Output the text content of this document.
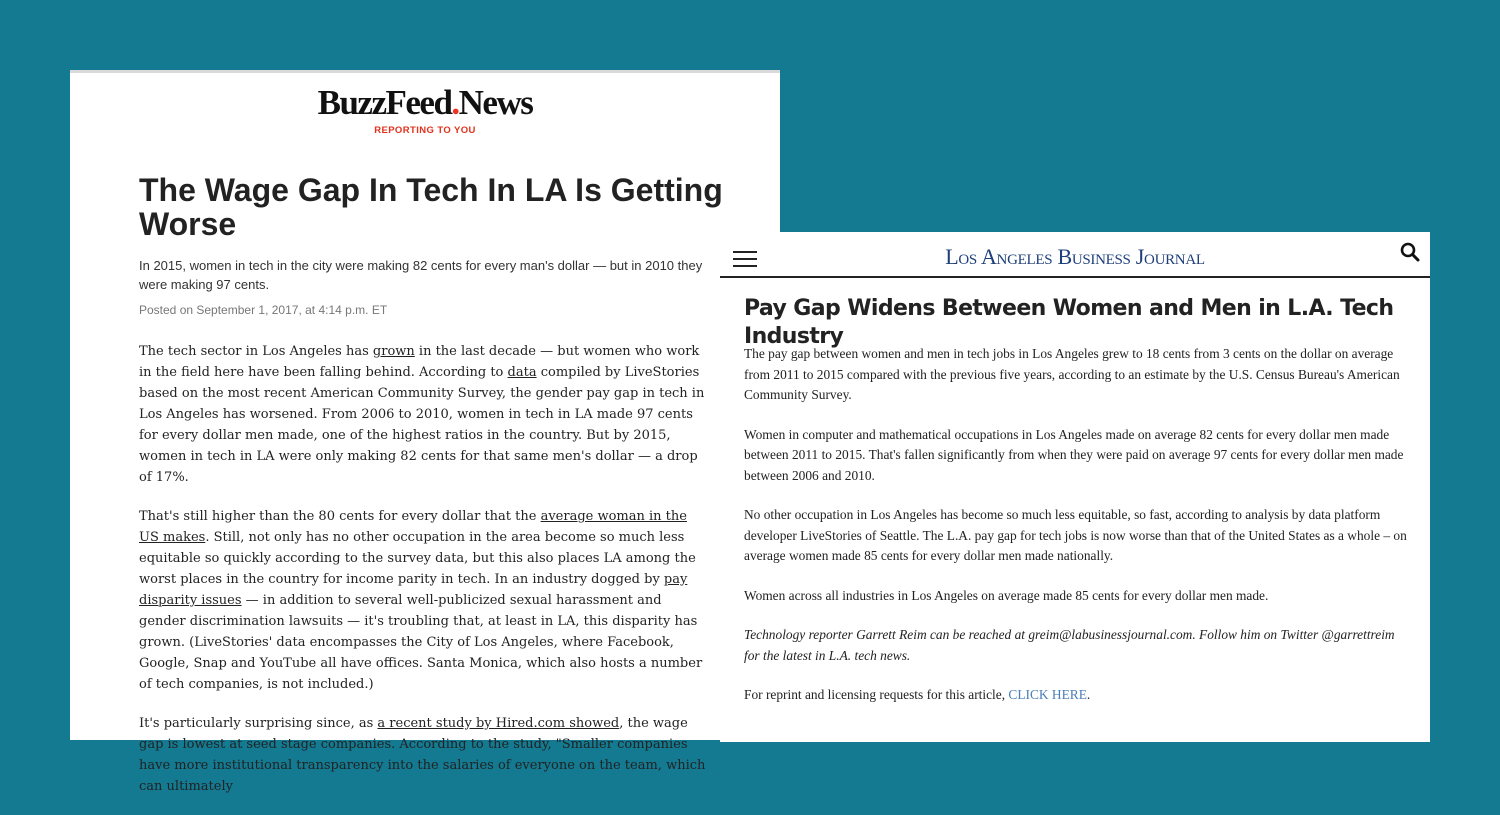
BuzzFeed.News
REPORTING TO YOU
The Wage Gap In Tech In LA Is Getting Worse

In 2015, women in tech in the city were making 82 cents for every man's dollar — but in 2010 they were making 97 cents.

Posted on September 1, 2017, at 4:14 p.m. ET

The tech sector in Los Angeles has grown in the last decade — but women who work in the field here have been falling behind. According to data compiled by LiveStories based on the most recent American Community Survey, the gender pay gap in tech in Los Angeles has worsened. From 2006 to 2010, women in tech in LA made 97 cents for every dollar men made, one of the highest ratios in the country. But by 2015, women in tech in LA were only making 82 cents for that same men's dollar — a drop of 17%.

That's still higher than the 80 cents for every dollar that the average woman in the US makes. Still, not only has no other occupation in the area become so much less equitable so quickly according to the survey data, but this also places LA among the worst places in the country for income parity in tech. In an industry dogged by pay disparity issues — in addition to several well-publicized sexual harassment and gender discrimination lawsuits — it's troubling that, at least in LA, this disparity has grown. (LiveStories' data encompasses the City of Los Angeles, where Facebook, Google, Snap and YouTube all have offices. Santa Monica, which also hosts a number of tech companies, is not included.)

It's particularly surprising since, as a recent study by Hired.com showed, the wage gap is lowest at seed stage companies. According to the study, "Smaller companies have more institutional transparency into the salaries of everyone on the team, which can ultimately

Los Angeles Business Journal
Pay Gap Widens Between Women and Men in L.A. Tech Industry

The pay gap between women and men in tech jobs in Los Angeles grew to 18 cents from 3 cents on the dollar on average from 2011 to 2015 compared with the previous five years, according to an estimate by the U.S. Census Bureau's American Community Survey.

Women in computer and mathematical occupations in Los Angeles made on average 82 cents for every dollar men made between 2011 to 2015. That's fallen significantly from when they were paid on average 97 cents for every dollar men made between 2006 and 2010.

No other occupation in Los Angeles has become so much less equitable, so fast, according to analysis by data platform developer LiveStories of Seattle. The L.A. pay gap for tech jobs is now worse than that of the United States as a whole – on average women made 85 cents for every dollar men made nationally.

Women across all industries in Los Angeles on average made 85 cents for every dollar men made.

Technology reporter Garrett Reim can be reached at greim@labusinessjournal.com. Follow him on Twitter @garrettreim for the latest in L.A. tech news.

For reprint and licensing requests for this article, CLICK HERE.
